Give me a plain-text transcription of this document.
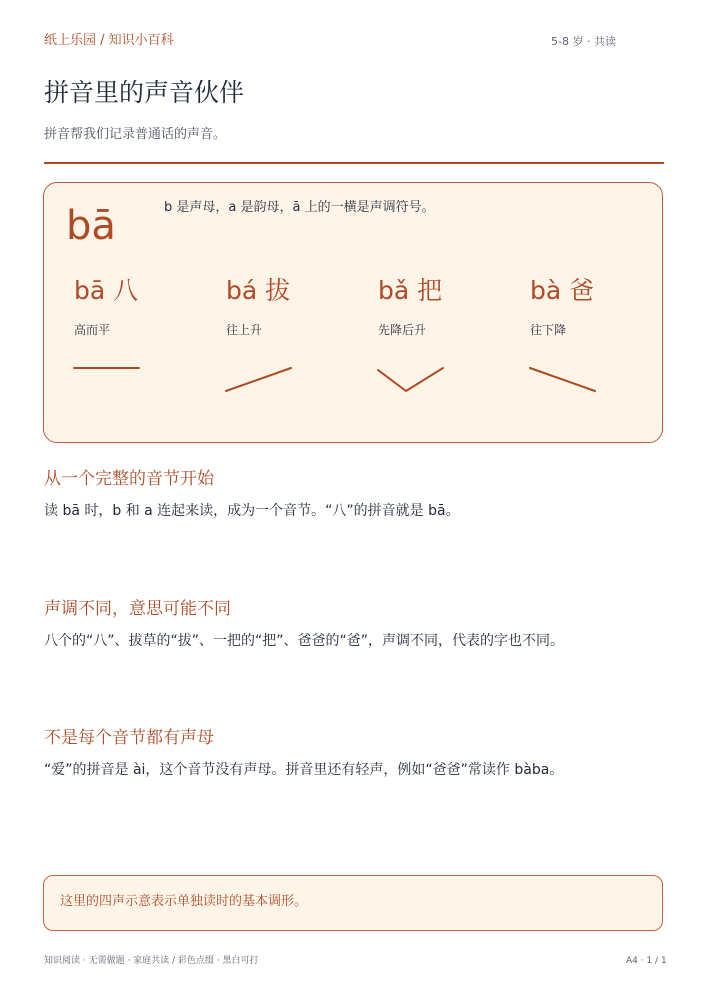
纸上乐园 / 知识小百科	5-8 岁 · 共读
拼音里的声音伙伴
拼音帮我们记录普通话的声音。
bā	b 是声母，a 是韵母，ā 上的一横是声调符号。
bā 八
高而平
bá 拔
往上升
bǎ 把
先降后升
bà 爸
往下降
从一个完整的音节开始

读 bā 时，b 和 a 连起来读，成为一个音节。“八”的拼音就是 bā。

声调不同，意思可能不同

八个的“八”、拔草的“拔”、一把的“把”、爸爸的“爸”，声调不同，代表的字也不同。

不是每个音节都有声母

“爱”的拼音是 ài，这个音节没有声母。拼音里还有轻声，例如“爸爸”常读作 bàba。

这里的四声示意表示单独读时的基本调形。
知识阅读 · 无需做题 · 家庭共读 / 彩色点缀 · 黑白可打	A4 · 1 / 1
